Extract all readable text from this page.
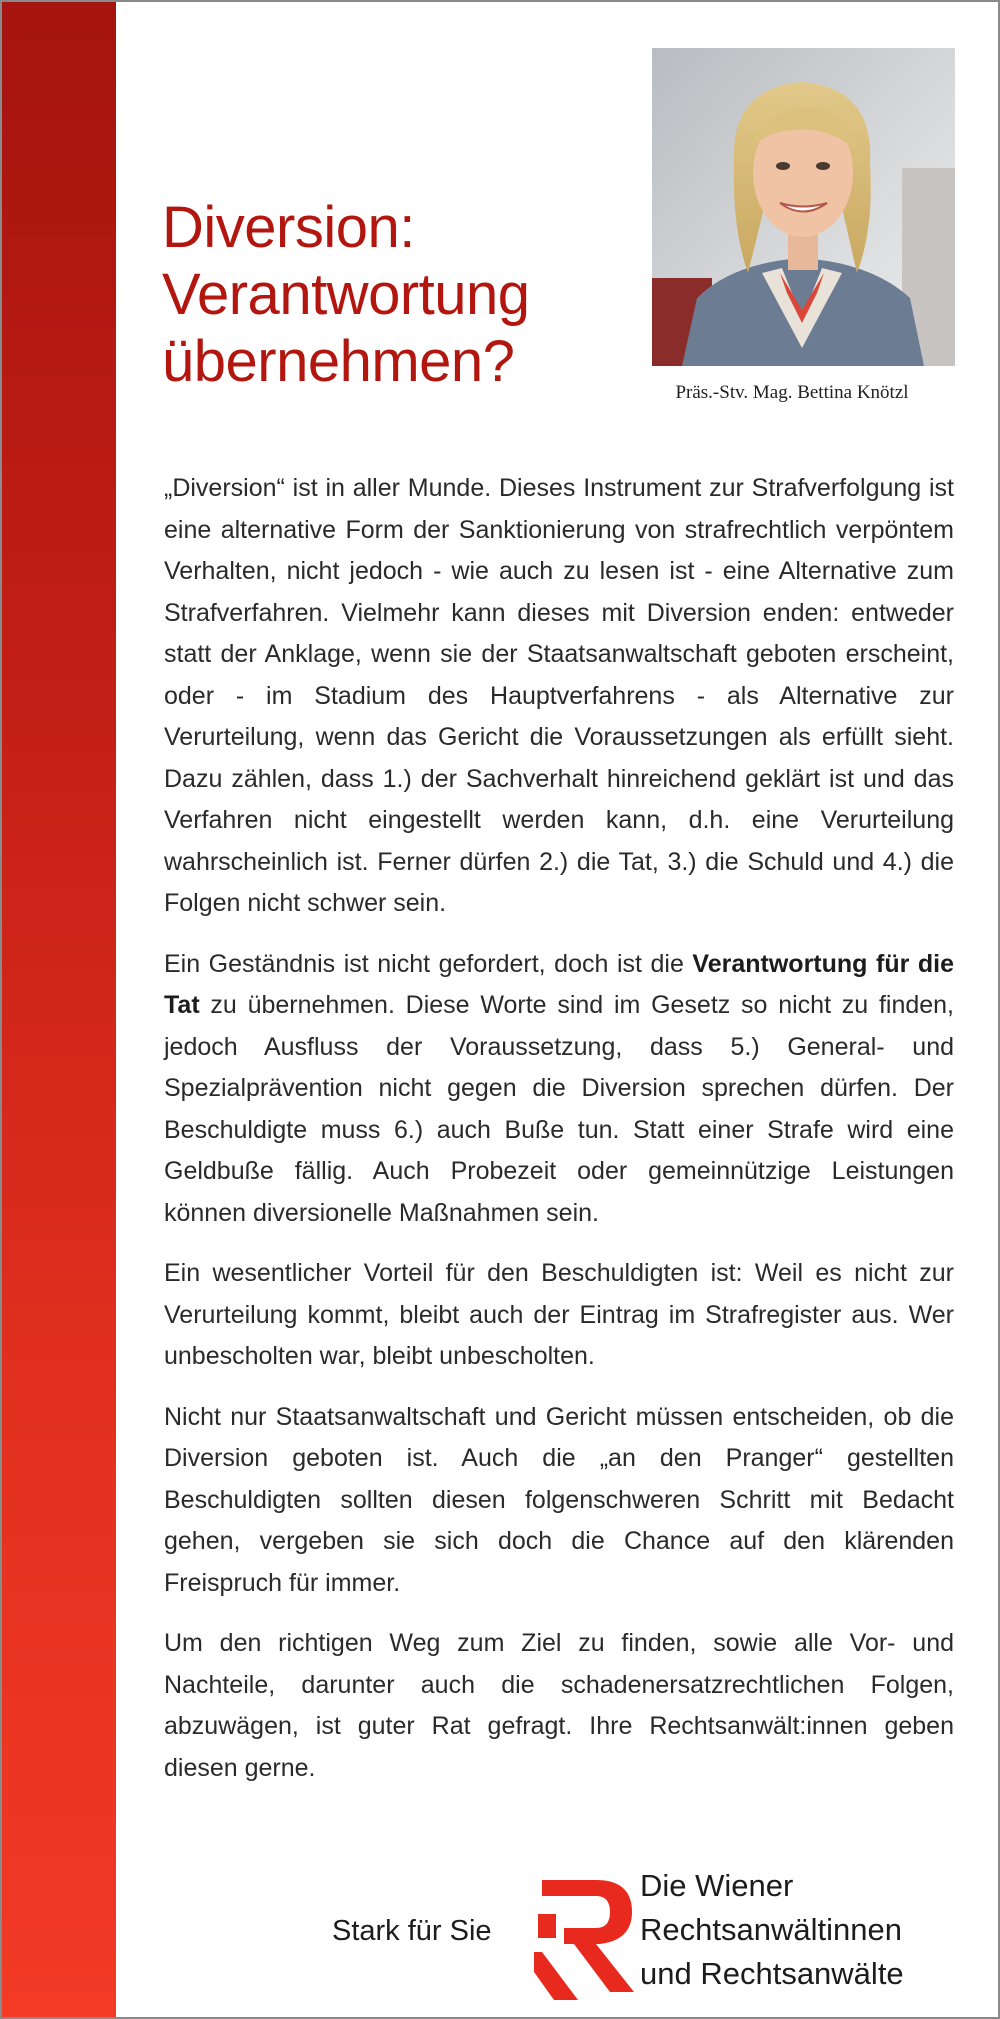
Diversion:
Verantwortung
übernehmen?	Präs.-Stv. Mag. Bettina Knötzl

„Diversion“ ist in aller Munde. Dieses Instrument zur Strafverfolgung ist eine alternative Form der Sanktionierung von strafrechtlich verpöntem Verhalten, nicht jedoch - wie auch zu lesen ist - eine Alternative zum Strafverfahren. Vielmehr kann dieses mit Diversion enden: entweder statt der Anklage, wenn sie der Staatsanwaltschaft geboten erscheint, oder - im Stadium des Hauptverfahrens - als Alternative zur Verurteilung, wenn das Gericht die Voraussetzungen als erfüllt sieht. Dazu zählen, dass 1.) der Sachverhalt hinreichend geklärt ist und das Verfahren nicht eingestellt werden kann, d.h. eine Verurteilung wahrscheinlich ist. Ferner dürfen 2.) die Tat, 3.) die Schuld und 4.) die Folgen nicht schwer sein.

Ein Geständnis ist nicht gefordert, doch ist die Verantwortung für die Tat zu übernehmen. Diese Worte sind im Gesetz so nicht zu finden, jedoch Ausfluss der Voraussetzung, dass 5.) General- und Spezialprävention nicht gegen die Diversion sprechen dürfen. Der Beschuldigte muss 6.) auch Buße tun. Statt einer Strafe wird eine Geldbuße fällig. Auch Probezeit oder gemeinnützige Leistungen können diversionelle Maßnahmen sein.

Ein wesentlicher Vorteil für den Beschuldigten ist: Weil es nicht zur Verurteilung kommt, bleibt auch der Eintrag im Strafregister aus. Wer unbescholten war, bleibt unbescholten.

Nicht nur Staatsanwaltschaft und Gericht müssen entscheiden, ob die Diversion geboten ist. Auch die „an den Pranger“ gestellten Beschuldigten sollten diesen folgenschweren Schritt mit Bedacht gehen, vergeben sie sich doch die Chance auf den klärenden Freispruch für immer.

Um den richtigen Weg zum Ziel zu finden, sowie alle Vor- und Nachteile, darunter auch die schadenersatzrechtlichen Folgen, abzuwägen, ist guter Rat gefragt. Ihre Rechtsanwält:innen geben diesen gerne.

Stark für Sie
Die Wiener
Rechtsanwältinnen
und Rechtsanwälte
